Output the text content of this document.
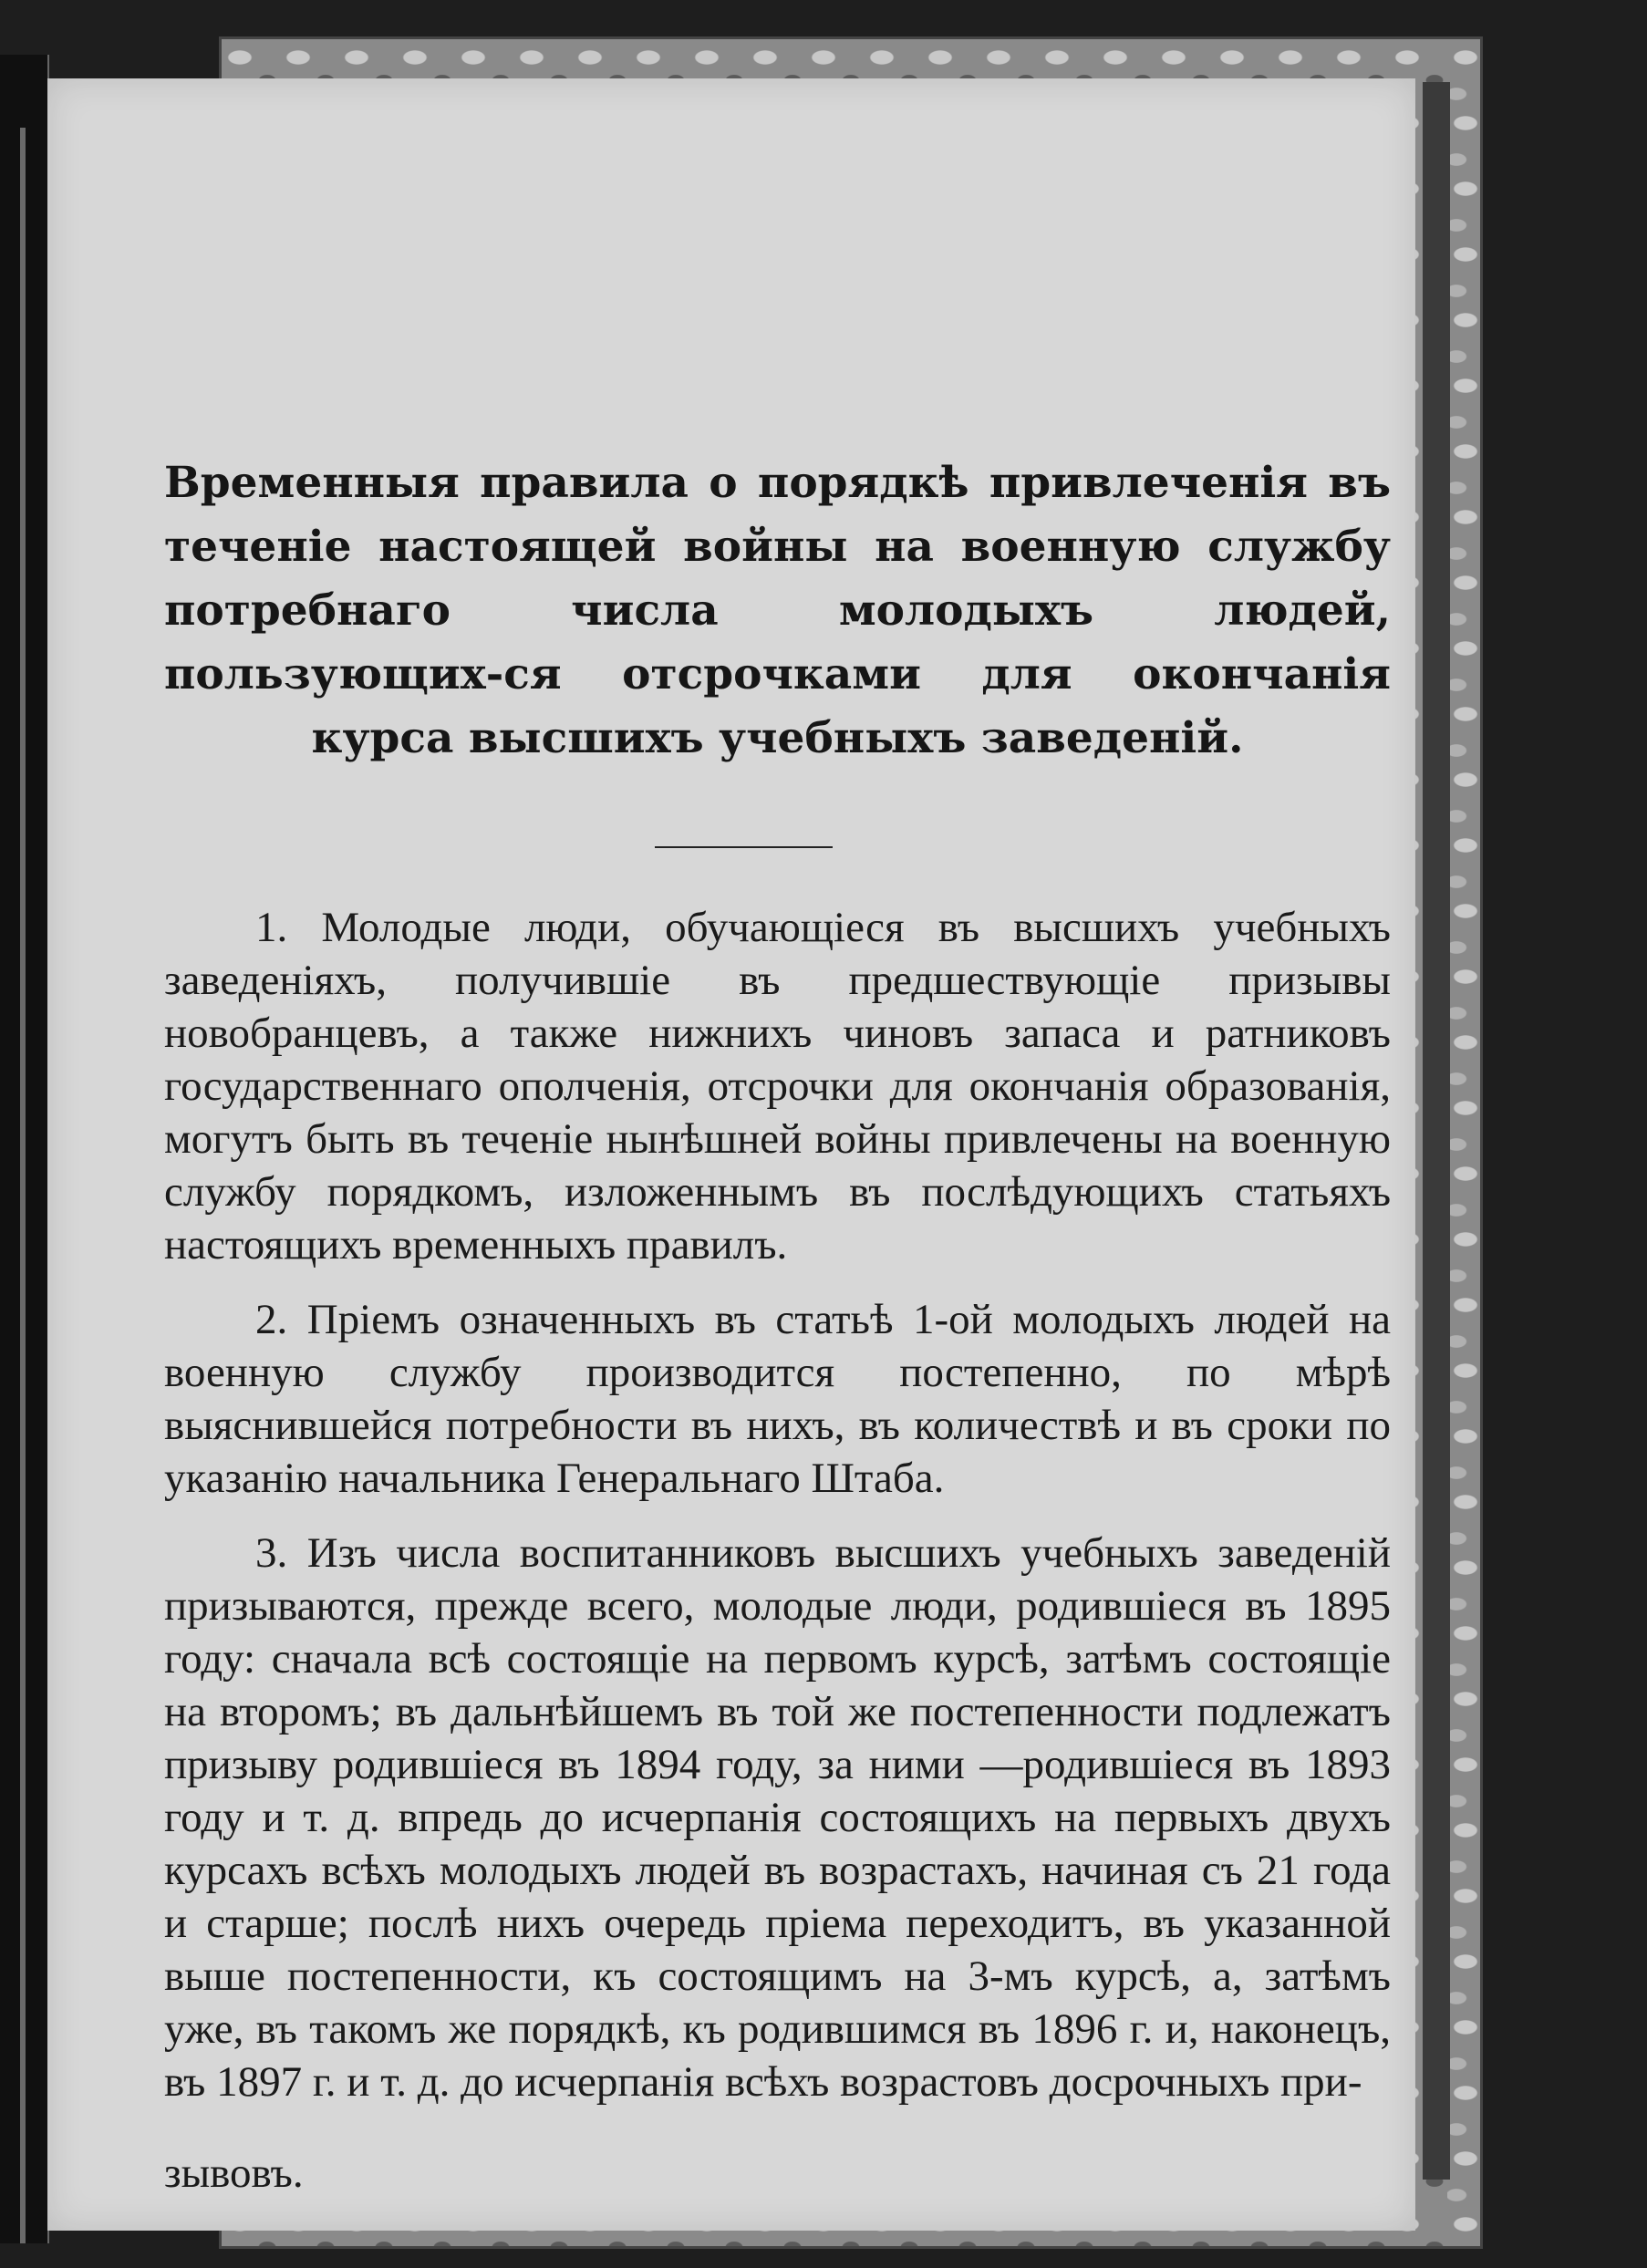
Временныя правила о порядкѣ привлеченія въ теченіе настоящей войны на военную службу потребнаго числа молодыхъ людей, пользующих-ся отсрочками для окончанія курса высшихъ учебныхъ заведеній.

1. Молодые люди, обучающіеся въ высшихъ учебныхъ заведеніяхъ, получившіе въ предшествующіе призывы новобранцевъ, а также нижнихъ чиновъ запаса и ратниковъ государственнаго ополченія, отсрочки для окончанія образованія, могутъ быть въ теченіе нынѣшней войны привлечены на военную службу порядкомъ, изложеннымъ въ послѣдующихъ статьяхъ настоящихъ временныхъ правилъ.

2. Пріемъ означенныхъ въ статьѣ 1-ой молодыхъ людей на военную службу производится постепенно, по мѣрѣ выяснившейся потребности въ нихъ, въ количествѣ и въ сроки по указанію начальника Генеральнаго Штаба.

3. Изъ числа воспитанниковъ высшихъ учебныхъ заведеній призываются, прежде всего, молодые люди, родившіеся въ 1895 году: сначала всѣ состоящіе на первомъ курсѣ, затѣмъ состоящіе на второмъ; въ дальнѣйшемъ въ той же постепенности подлежатъ призыву родившіеся въ 1894 году, за ними —родившіеся въ 1893 году и т. д. впредь до исчерпанія состоящихъ на первыхъ двухъ курсахъ всѣхъ молодыхъ людей въ возрастахъ, начиная съ 21 года и старше; послѣ нихъ очередь пріема переходитъ, въ указанной выше постепенности, къ состоящимъ на 3-мъ курсѣ, а, затѣмъ уже, въ такомъ же порядкѣ, къ родившимся въ 1896 г. и, наконецъ, въ 1897 г. и т. д. до исчерпанія всѣхъ возрастовъ досрочныхъ при-

зывовъ.
